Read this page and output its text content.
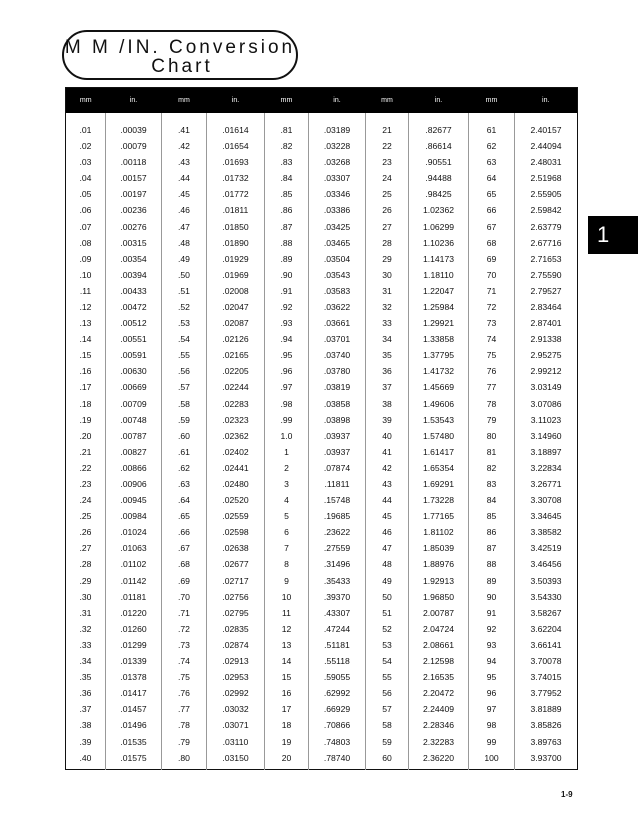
M M /IN. Conversion
Chart
mm	in.	mm	in.	mm	in.	mm	in.	mm	in.
.01	.00039	.41	.01614	.81	.03189	21	.82677	61	2.40157
.02	.00079	.42	.01654	.82	.03228	22	.86614	62	2.44094
.03	.00118	.43	.01693	.83	.03268	23	.90551	63	2.48031
.04	.00157	.44	.01732	.84	.03307	24	.94488	64	2.51968
.05	.00197	.45	.01772	.85	.03346	25	.98425	65	2.55905
.06	.00236	.46	.01811	.86	.03386	26	1.02362	66	2.59842
.07	.00276	.47	.01850	.87	.03425	27	1.06299	67	2.63779
.08	.00315	.48	.01890	.88	.03465	28	1.10236	68	2.67716
.09	.00354	.49	.01929	.89	.03504	29	1.14173	69	2.71653
.10	.00394	.50	.01969	.90	.03543	30	1.18110	70	2.75590
.11	.00433	.51	.02008	.91	.03583	31	1.22047	71	2.79527
.12	.00472	.52	.02047	.92	.03622	32	1.25984	72	2.83464
.13	.00512	.53	.02087	.93	.03661	33	1.29921	73	2.87401
.14	.00551	.54	.02126	.94	.03701	34	1.33858	74	2.91338
.15	.00591	.55	.02165	.95	.03740	35	1.37795	75	2.95275
.16	.00630	.56	.02205	.96	.03780	36	1.41732	76	2.99212
.17	.00669	.57	.02244	.97	.03819	37	1.45669	77	3.03149
.18	.00709	.58	.02283	.98	.03858	38	1.49606	78	3.07086
.19	.00748	.59	.02323	.99	.03898	39	1.53543	79	3.11023
.20	.00787	.60	.02362	1.0	.03937	40	1.57480	80	3.14960
.21	.00827	.61	.02402	1	.03937	41	1.61417	81	3.18897
.22	.00866	.62	.02441	2	.07874	42	1.65354	82	3.22834
.23	.00906	.63	.02480	3	.11811	43	1.69291	83	3.26771
.24	.00945	.64	.02520	4	.15748	44	1.73228	84	3.30708
.25	.00984	.65	.02559	5	.19685	45	1.77165	85	3.34645
.26	.01024	.66	.02598	6	.23622	46	1.81102	86	3.38582
.27	.01063	.67	.02638	7	.27559	47	1.85039	87	3.42519
.28	.01102	.68	.02677	8	.31496	48	1.88976	88	3.46456
.29	.01142	.69	.02717	9	.35433	49	1.92913	89	3.50393
.30	.01181	.70	.02756	10	.39370	50	1.96850	90	3.54330
.31	.01220	.71	.02795	11	.43307	51	2.00787	91	3.58267
.32	.01260	.72	.02835	12	.47244	52	2.04724	92	3.62204
.33	.01299	.73	.02874	13	.51181	53	2.08661	93	3.66141
.34	.01339	.74	.02913	14	.55118	54	2.12598	94	3.70078
.35	.01378	.75	.02953	15	.59055	55	2.16535	95	3.74015
.36	.01417	.76	.02992	16	.62992	56	2.20472	96	3.77952
.37	.01457	.77	.03032	17	.66929	57	2.24409	97	3.81889
.38	.01496	.78	.03071	18	.70866	58	2.28346	98	3.85826
.39	.01535	.79	.03110	19	.74803	59	2.32283	99	3.89763
.40	.01575	.80	.03150	20	.78740	60	2.36220	100	3.93700
1
1-9
